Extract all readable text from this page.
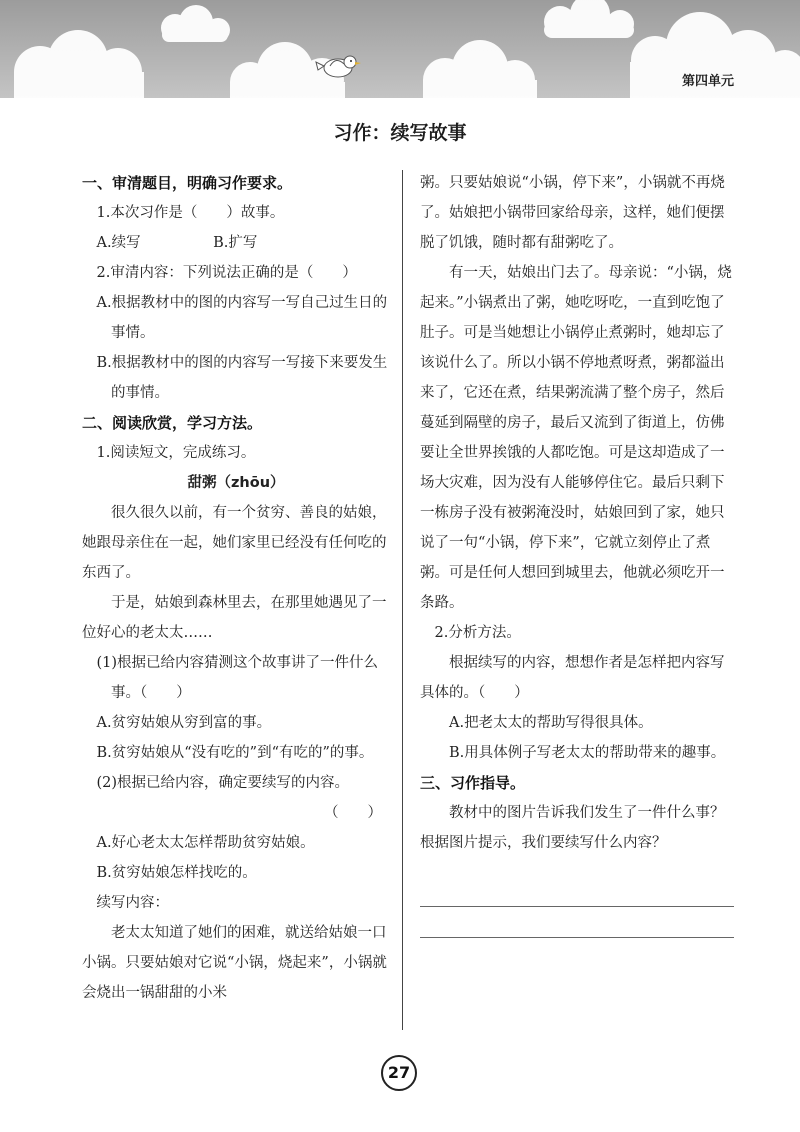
第四单元
习作：续写故事
一、审清题目，明确习作要求。
1.本次习作是（　　）故事。
A.续写　　　　　B.扩写
2.审清内容：下列说法正确的是（　　）
A.根据教材中的图的内容写一写自己过生日的事情。
B.根据教材中的图的内容写一写接下来要发生的事情。
二、阅读欣赏，学习方法。
1.阅读短文，完成练习。
甜粥（zhōu）
很久很久以前，有一个贫穷、善良的姑娘，她跟母亲住在一起，她们家里已经没有任何吃的东西了。
于是，姑娘到森林里去，在那里她遇见了一位好心的老太太……
(1)根据已给内容猜测这个故事讲了一件什么事。（　　）
A.贫穷姑娘从穷到富的事。
B.贫穷姑娘从“没有吃的”到“有吃的”的事。
(2)根据已给内容，确定要续写的内容。
（　　）
A.好心老太太怎样帮助贫穷姑娘。
B.贫穷姑娘怎样找吃的。
续写内容：
老太太知道了她们的困难，就送给姑娘一口小锅。只要姑娘对它说“小锅，烧起来”，小锅就会烧出一锅甜甜的小米
粥。只要姑娘说“小锅，停下来”，小锅就不再烧了。姑娘把小锅带回家给母亲，这样，她们便摆脱了饥饿，随时都有甜粥吃了。
有一天，姑娘出门去了。母亲说：“小锅，烧起来。”小锅煮出了粥，她吃呀吃，一直到吃饱了肚子。可是当她想让小锅停止煮粥时，她却忘了该说什么了。所以小锅不停地煮呀煮，粥都溢出来了，它还在煮，结果粥流满了整个房子，然后蔓延到隔壁的房子，最后又流到了街道上，仿佛要让全世界挨饿的人都吃饱。可是这却造成了一场大灾难，因为没有人能够停住它。最后只剩下一栋房子没有被粥淹没时，姑娘回到了家，她只说了一句“小锅，停下来”，它就立刻停止了煮粥。可是任何人想回到城里去，他就必须吃开一条路。
2.分析方法。
根据续写的内容，想想作者是怎样把内容写具体的。（　　）
A.把老太太的帮助写得很具体。
B.用具体例子写老太太的帮助带来的趣事。
三、习作指导。
教材中的图片告诉我们发生了一件什么事？根据图片提示，我们要续写什么内容？
27
